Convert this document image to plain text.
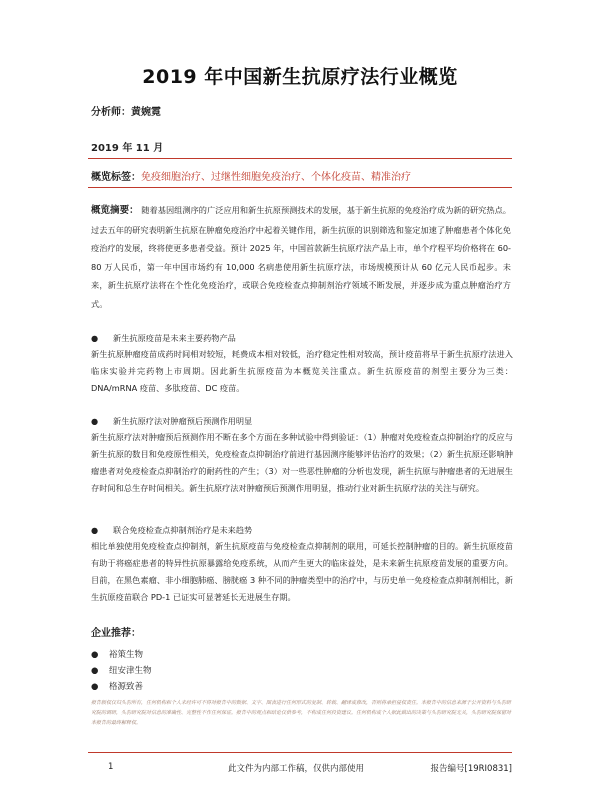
2019 年中国新生抗原疗法行业概览
分析师：黄婉霓
2019 年 11 月
概览标签：免疫细胞治疗、过继性细胞免疫治疗、个体化疫苗、精准治疗
概览摘要： 随着基因组测序的广泛应用和新生抗原预测技术的发展，基于新生抗原的免疫治疗成为新的研究热点。过去五年的研究表明新生抗原在肿瘤免疫治疗中起着关键作用，新生抗原的识别筛选和鉴定加速了肿瘤患者个体化免疫治疗的发展，终将使更多患者受益。预计 2025 年，中国首款新生抗原疗法产品上市，单个疗程平均价格将在 60-80 万人民币，第一年中国市场约有 10,000 名病患使用新生抗原疗法，市场规模预计从 60 亿元人民币起步。未来，新生抗原疗法将在个性化免疫治疗，或联合免疫检查点抑制剂治疗领域不断发展，并逐步成为重点肿瘤治疗方式。
● 新生抗原疫苗是未来主要药物产品
新生抗原肿瘤疫苗成药时间相对较短，耗费成本相对较低，治疗稳定性相对较高，预计疫苗将早于新生抗原疗法进入临床实验并完药物上市周期。因此新生抗原疫苗为本概览关注重点。新生抗原疫苗的剂型主要分为三类：DNA/mRNA 疫苗、多肽疫苗、DC 疫苗。
● 新生抗原疗法对肿瘤预后预测作用明显
新生抗原疗法对肿瘤预后预测作用不断在多个方面在多种试验中得到验证：（1）肿瘤对免疫检查点抑制治疗的反应与新生抗原的数目和免疫原性相关，免疫检查点抑制治疗前进行基因测序能够评估治疗的效果；（2）新生抗原还影响肿瘤患者对免疫检查点抑制治疗的耐药性的产生；（3）对一些恶性肿瘤的分析也发现，新生抗原与肿瘤患者的无进展生存时间和总生存时间相关。新生抗原疗法对肿瘤预后预测作用明显，推动行业对新生抗原疗法的关注与研究。
● 联合免疫检查点抑制剂治疗是未来趋势
相比单独使用免疫检查点抑制剂，新生抗原疫苗与免疫检查点抑制剂的联用，可延长控制肿瘤的目的。新生抗原疫苗有助于将癌症患者的特异性抗原暴露给免疫系统，从而产生更大的临床益处，是未来新生抗原疫苗发展的重要方向。目前，在黑色素瘤、非小细胞肺癌、膀胱癌 3 种不同的肿瘤类型中的治疗中，与历史单一免疫检查点抑制剂相比，新生抗原疫苗联合 PD-1 已证实可显著延长无进展生存期。
企业推荐：
● 裕策生物
● 纽安津生物
● 格源致善
报告版权仅归头豹所有，任何机构和个人未经许可不得对报告中的数据、文字、图表进行任何形式的复制、转载、翻译或修改，否则将承担侵权责任。本报告中的信息来源于公开资料与头豹研究院的调研，头豹研究院对信息的准确性、完整性不作任何保证。报告中的观点和结论仅供参考，不构成任何投资建议。任何机构或个人据此做出的决策与头豹研究院无关，头豹研究院保留对本报告的最终解释权。
1	此文件为内部工作稿，仅供内部使用	报告编号[19RI0831]
